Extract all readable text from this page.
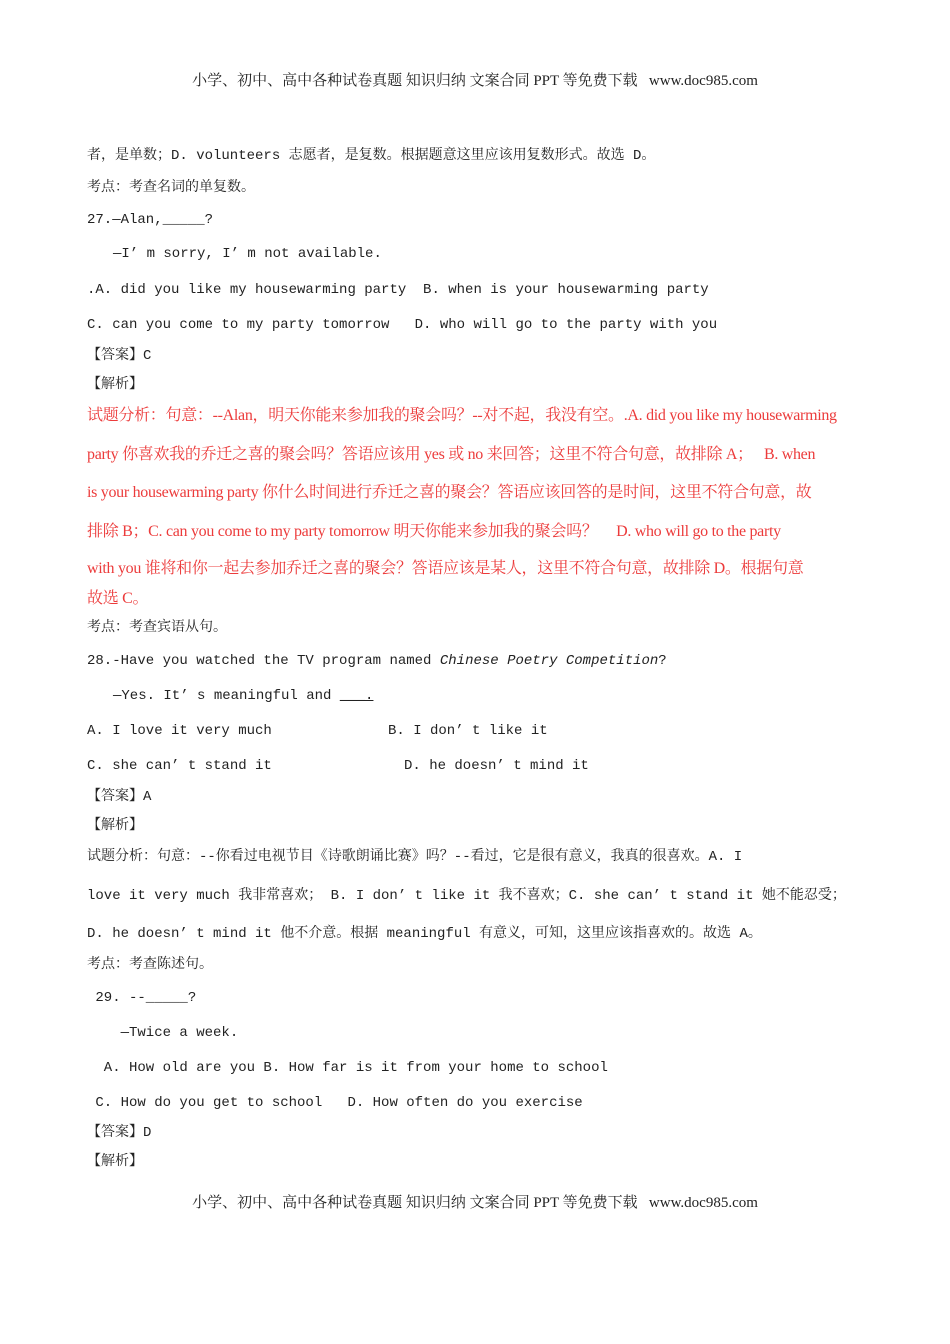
小学、初中、高中各种试卷真题 知识归纳 文案合同 PPT 等免费下载   www.doc985.com
者，是单数；D. volunteers 志愿者，是复数。根据题意这里应该用复数形式。故选 D。
考点：考查名词的单复数。
27.—Alan,_____?
—I’ m sorry, I’ m not available.
.A. did you like my housewarming party  B. when is your housewarming party
C. can you come to my party tomorrow   D. who will go to the party with you
【答案】C
【解析】
试题分析：句意：--Alan，明天你能来参加我的聚会吗？--对不起，我没有空。.A. did you like my housewarming
party 你喜欢我的乔迁之喜的聚会吗？答语应该用 yes 或 no 来回答；这里不符合句意，故排除 A；   B. when
is your housewarming party 你什么时间进行乔迁之喜的聚会？答语应该回答的是时间，这里不符合句意，故
排除 B；C. can you come to my party tomorrow 明天你能来参加我的聚会吗？     D. who will go to the party
with you 谁将和你一起去参加乔迁之喜的聚会？答语应该是某人，这里不符合句意，故排除 D。根据句意
故选 C。
考点：考查宾语从句。
28.-Have you watched the TV program named Chinese Poetry Competition?
—Yes. It’ s meaningful and ___.
A. I love it very much	B. I don’ t like it
C. she can’ t stand it	D. he doesn’ t mind it
【答案】A
【解析】
试题分析：句意：--你看过电视节目《诗歌朗诵比赛》吗？--看过，它是很有意义，我真的很喜欢。A. I
love it very much 我非常喜欢； B. I don’ t like it 我不喜欢；C. she can’ t stand it 她不能忍受；
D. he doesn’ t mind it 他不介意。根据 meaningful 有意义，可知，这里应该指喜欢的。故选 A。
考点：考查陈述句。
29. --_____?
—Twice a week.
A. How old are you B. How far is it from your home to school
C. How do you get to school   D. How often do you exercise
【答案】D
【解析】
小学、初中、高中各种试卷真题 知识归纳 文案合同 PPT 等免费下载   www.doc985.com
